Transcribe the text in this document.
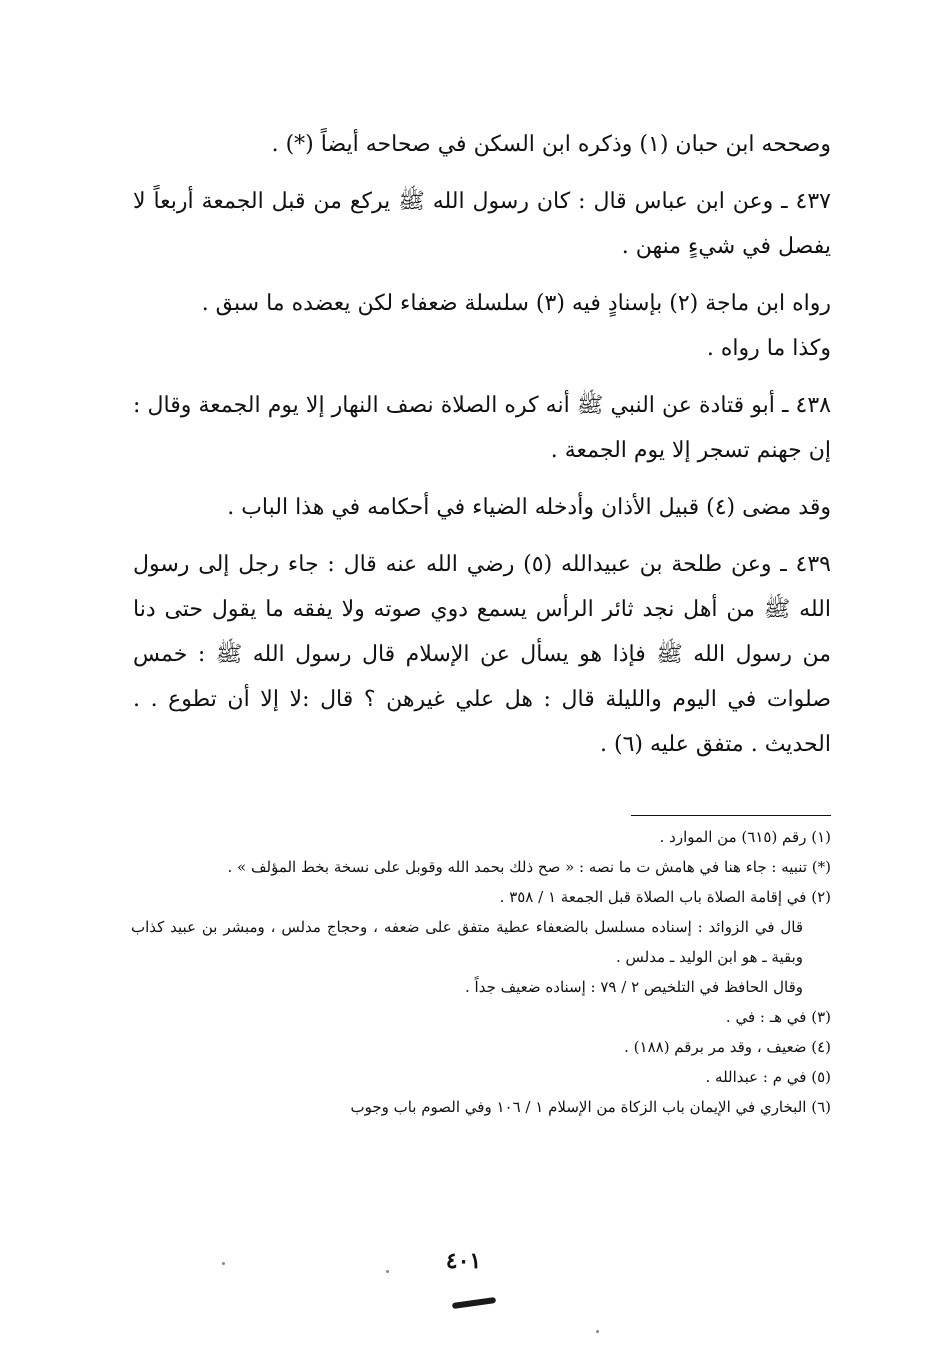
وصححه ابن حبان (١) وذكره ابن السكن في صحاحه أيضاً (*) .

٤٣٧ ـ وعن ابن عباس قال : كان رسول الله ﷺ يركع من قبل الجمعة أربعاً لا يفصل في شيءٍ منهن .

رواه ابن ماجة (٢) بإسنادٍ فيه (٣) سلسلة ضعفاء لكن يعضده ما سبق .

وكذا ما رواه .

٤٣٨ ـ أبو قتادة عن النبي ﷺ أنه كره الصلاة نصف النهار إلا يوم الجمعة وقال : إن جهنم تسجر إلا يوم الجمعة .

وقد مضى (٤) قبيل الأذان وأدخله الضياء في أحكامه في هذا الباب .

٤٣٩ ـ وعن طلحة بن عبيدالله (٥) رضي الله عنه قال : جاء رجل إلى رسول الله ﷺ من أهل نجد ثائر الرأس يسمع دوي صوته ولا يفقه ما يقول حتى دنا من رسول الله ﷺ فإذا هو يسأل عن الإسلام قال رسول الله ﷺ : خمس صلوات في اليوم والليلة قال : هل علي غيرهن ؟ قال :لا إلا أن تطوع . . الحديث . متفق عليه (٦) .

(١) رقم (٦١٥) من الموارد .

(*) تنبيه : جاء هنا في هامش ت ما نصه : « صح ذلك بحمد الله وقوبل على نسخة بخط المؤلف » .

(٢) في إقامة الصلاة باب الصلاة قبل الجمعة ١ / ٣٥٨ .

قال في الزوائد : إسناده مسلسل بالضعفاء عطية متفق على ضعفه ، وحجاج مدلس ، ومبشر بن عبيد كذاب وبقية ـ هو ابن الوليد ـ مدلس .

وقال الحافظ في التلخيص ٢ / ٧٩ : إسناده ضعيف جداً .

(٣) في هـ : في .

(٤) ضعيف ، وقد مر برقم (١٨٨) .

(٥) في م : عبدالله .

(٦) البخاري في الإيمان باب الزكاة من الإسلام ١ / ١٠٦ وفي الصوم باب وجوب

٤٠١
